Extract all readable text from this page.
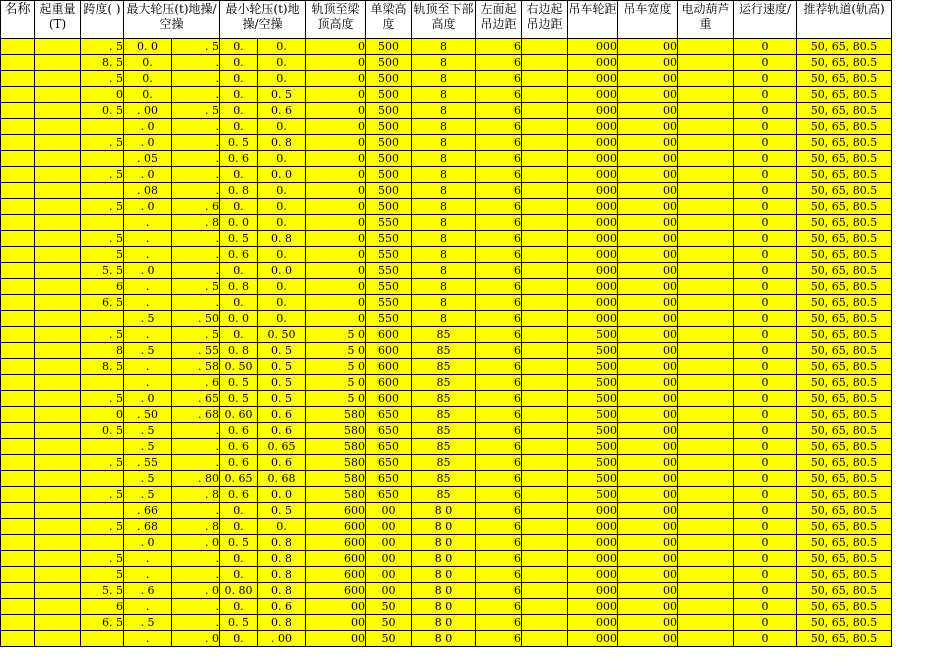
名称	起重量(T)	跨度( )	最大轮压(t)地操/空操		最小轮压(t)地操/空操		轨顶至梁顶高度	单梁高度	轨顶至下部高度	左面起吊边距	右边起吊边距	吊车轮距	吊车宽度	电动葫芦重	运行速度/	推荐轨道(轨高)
		. 5	0. 0	. 5	0.	0.	0	500	8	6		000	00		0	50, 65, 80.5
		8. 5	0.	.	0.	0.	0	500	8	6		000	00		0	50, 65, 80.5
		. 5	0.	.	0.	0.	0	500	8	6		000	00		0	50, 65, 80.5
		0	0.	.	0.	0. 5	0	500	8	6		000	00		0	50, 65, 80.5
		0. 5	. 00	. 5	0.	0. 6	0	500	8	6		000	00		0	50, 65, 80.5
			. 0	.	0.	0.	0	500	8	6		000	00		0	50, 65, 80.5
		. 5	. 0	.	0. 5	0. 8	0	500	8	6		000	00		0	50, 65, 80.5
			. 05	.	0. 6	0.	0	500	8	6		000	00		0	50, 65, 80.5
		. 5	. 0	.	0.	0. 0	0	500	8	6		000	00		0	50, 65, 80.5
			. 08	.	0. 8	0.	0	500	8	6		000	00		0	50, 65, 80.5
		. 5	. 0	. 6	0.	0.	0	500	8	6		000	00		0	50, 65, 80.5
			.	. 8	0. 0	0.	0	550	8	6		000	00		0	50, 65, 80.5
		. 5	.	.	0. 5	0. 8	0	550	8	6		000	00		0	50, 65, 80.5
		5	.	.	0. 6	0.	0	550	8	6		000	00		0	50, 65, 80.5
		5. 5	. 0	.	0.	0. 0	0	550	8	6		000	00		0	50, 65, 80.5
		6	.	. 5	0. 8	0.	0	550	8	6		000	00		0	50, 65, 80.5
		6. 5	.	.	0.	0.	0	550	8	6		000	00		0	50, 65, 80.5
			. 5	. 50	0. 0	0.	0	550	8	6		000	00		0	50, 65, 80.5
		. 5	.	. 5	0.	0. 50	5 0	600	85	6		500	00		0	50, 65, 80.5
		8	. 5	. 55	0. 8	0. 5	5 0	600	85	6		500	00		0	50, 65, 80.5
		8. 5	.	. 58	0. 50	0. 5	5 0	600	85	6		500	00		0	50, 65, 80.5
			.	. 6	0. 5	0. 5	5 0	600	85	6		500	00		0	50, 65, 80.5
		. 5	. 0	. 65	0. 5	0. 5	5 0	600	85	6		500	00		0	50, 65, 80.5
		0	. 50	. 68	0. 60	0. 6	580	650	85	6		500	00		0	50, 65, 80.5
		0. 5	. 5	.	0. 6	0. 6	580	650	85	6		500	00		0	50, 65, 80.5
			. 5	.	0. 6	0. 65	580	650	85	6		500	00		0	50, 65, 80.5
		. 5	. 55	.	0. 6	0. 6	580	650	85	6		500	00		0	50, 65, 80.5
			. 5	. 80	0. 65	0. 68	580	650	85	6		500	00		0	50, 65, 80.5
		. 5	. 5	. 8	0. 6	0. 0	580	650	85	6		500	00		0	50, 65, 80.5
			. 66	.	0.	0. 5	600	00	8 0	6		000	00		0	50, 65, 80.5
		. 5	. 68	. 8	0.	0.	600	00	8 0	6		000	00		0	50, 65, 80.5
			. 0	. 0	0. 5	0. 8	600	00	8 0	6		000	00		0	50, 65, 80.5
		. 5	.	.	0.	0. 8	600	00	8 0	6		000	00		0	50, 65, 80.5
		5	.	.	0.	0. 8	600	00	8 0	6		000	00		0	50, 65, 80.5
		5. 5	. 6	. 0	0. 80	0. 8	600	00	8 0	6		000	00		0	50, 65, 80.5
		6	.	.	0.	0. 6	00	50	8 0	6		000	00		0	50, 65, 80.5
		6. 5	. 5	.	0. 5	0. 8	00	50	8 0	6		000	00		0	50, 65, 80.5
			.	. 0	0.	. 00	00	50	8 0	6		000	00		0	50, 65, 80.5
